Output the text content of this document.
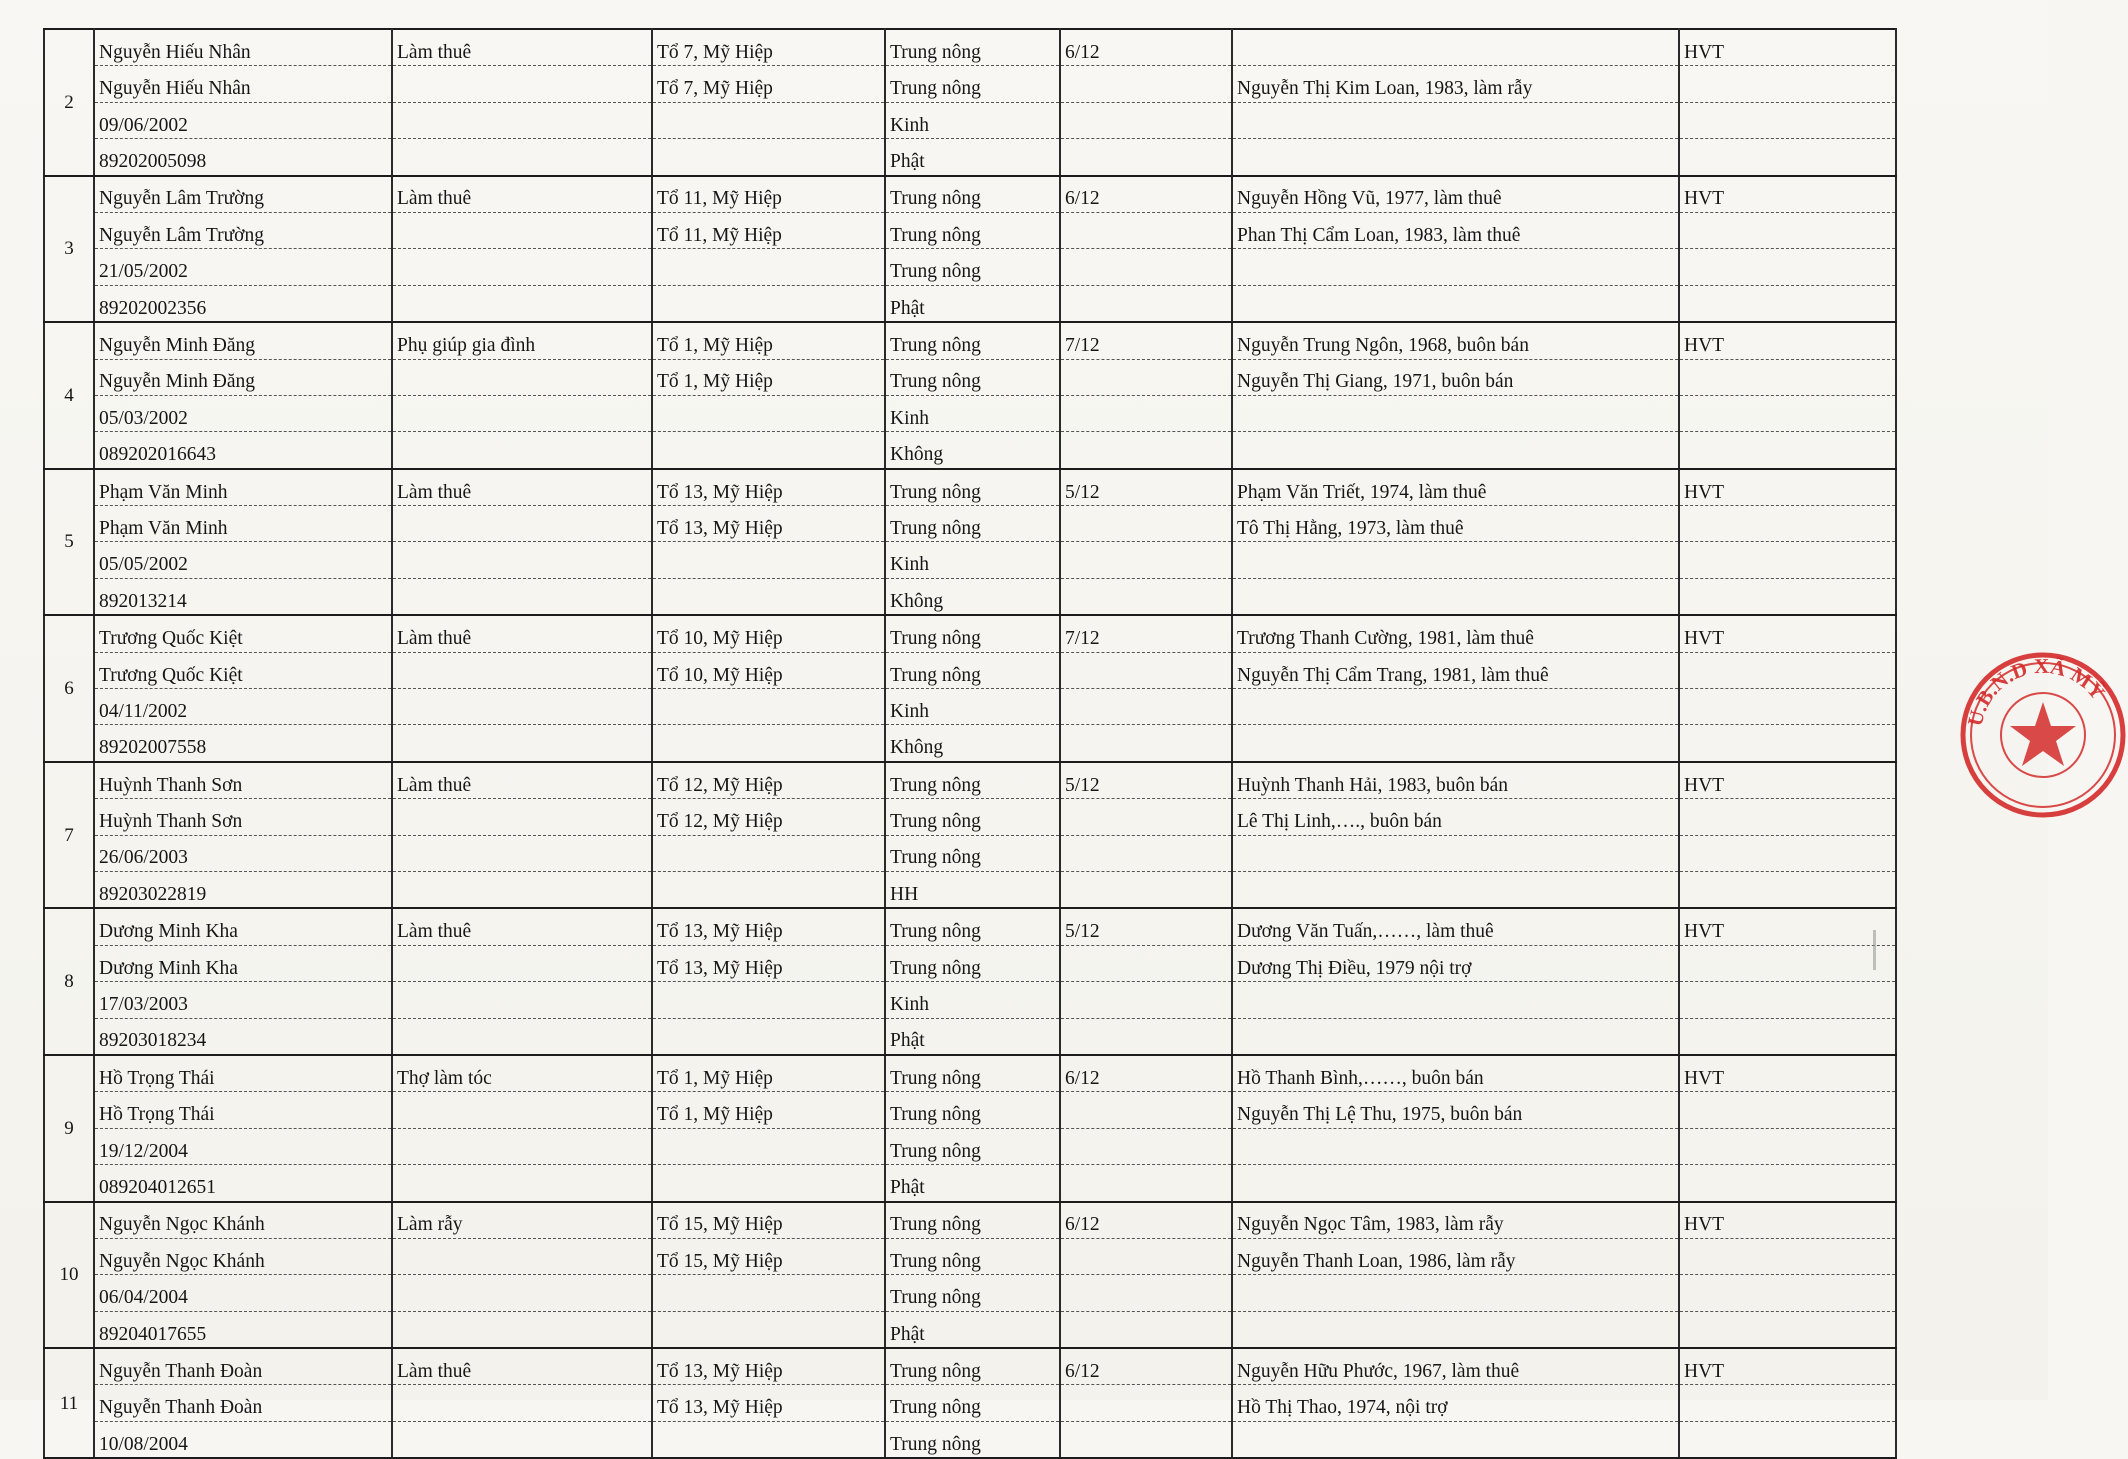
2	Nguyễn Hiếu Nhân	Làm thuê	Tổ 7, Mỹ Hiệp	Trung nông	6/12		HVT
	Nguyễn Hiếu Nhân		Tổ 7, Mỹ Hiệp	Trung nông		Nguyễn Thị Kim Loan, 1983, làm rẫy	
	09/06/2002			Kinh			
	89202005098			Phật			
3	Nguyễn Lâm Trường	Làm thuê	Tổ 11, Mỹ Hiệp	Trung nông	6/12	Nguyễn Hồng Vũ, 1977, làm thuê	HVT
	Nguyễn Lâm Trường		Tổ 11, Mỹ Hiệp	Trung nông		Phan Thị Cẩm Loan, 1983, làm thuê	
	21/05/2002			Trung nông			
	89202002356			Phật			
4	Nguyễn Minh Đăng	Phụ giúp gia đình	Tổ 1, Mỹ Hiệp	Trung nông	7/12	Nguyễn Trung Ngôn, 1968, buôn bán	HVT
	Nguyễn Minh Đăng		Tổ 1, Mỹ Hiệp	Trung nông		Nguyễn Thị Giang, 1971, buôn bán	
	05/03/2002			Kinh			
	089202016643			Không			
5	Phạm Văn Minh	Làm thuê	Tổ 13, Mỹ Hiệp	Trung nông	5/12	Phạm Văn Triết, 1974, làm thuê	HVT
	Phạm Văn Minh		Tổ 13, Mỹ Hiệp	Trung nông		Tô Thị Hằng, 1973, làm thuê	
	05/05/2002			Kinh			
	892013214			Không			
6	Trương Quốc Kiệt	Làm thuê	Tổ 10, Mỹ Hiệp	Trung nông	7/12	Trương Thanh Cường, 1981, làm thuê	HVT
	Trương Quốc Kiệt		Tổ 10, Mỹ Hiệp	Trung nông		Nguyễn Thị Cẩm Trang, 1981, làm thuê	
	04/11/2002			Kinh			
	89202007558			Không			
7	Huỳnh Thanh Sơn	Làm thuê	Tổ 12, Mỹ Hiệp	Trung nông	5/12	Huỳnh Thanh Hải, 1983, buôn bán	HVT
	Huỳnh Thanh Sơn		Tổ 12, Mỹ Hiệp	Trung nông		Lê Thị Linh,…., buôn bán	
	26/06/2003			Trung nông			
	89203022819			HH			
8	Dương Minh Kha	Làm thuê	Tổ 13, Mỹ Hiệp	Trung nông	5/12	Dương Văn Tuấn,……, làm thuê	HVT
	Dương Minh Kha		Tổ 13, Mỹ Hiệp	Trung nông		Dương Thị Điều, 1979 nội trợ	
	17/03/2003			Kinh			
	89203018234			Phật			
9	Hồ Trọng Thái	Thợ làm tóc	Tổ 1, Mỹ Hiệp	Trung nông	6/12	Hồ Thanh Bình,……, buôn bán	HVT
	Hồ Trọng Thái		Tổ 1, Mỹ Hiệp	Trung nông		Nguyễn Thị Lệ Thu, 1975, buôn bán	
	19/12/2004			Trung nông			
	089204012651			Phật			
10	Nguyễn Ngọc Khánh	Làm rẫy	Tổ 15, Mỹ Hiệp	Trung nông	6/12	Nguyễn Ngọc Tâm, 1983, làm rẫy	HVT
	Nguyễn Ngọc Khánh		Tổ 15, Mỹ Hiệp	Trung nông		Nguyễn Thanh Loan, 1986, làm rẫy	
	06/04/2004			Trung nông			
	89204017655			Phật			
11	Nguyễn Thanh Đoàn	Làm thuê	Tổ 13, Mỹ Hiệp	Trung nông	6/12	Nguyễn Hữu Phước, 1967, làm thuê	HVT
	Nguyễn Thanh Đoàn		Tổ 13, Mỹ Hiệp	Trung nông		Hồ Thị Thao, 1974, nội trợ	
	10/08/2004			Trung nông			
U.B.N.D XÃ MỸ
